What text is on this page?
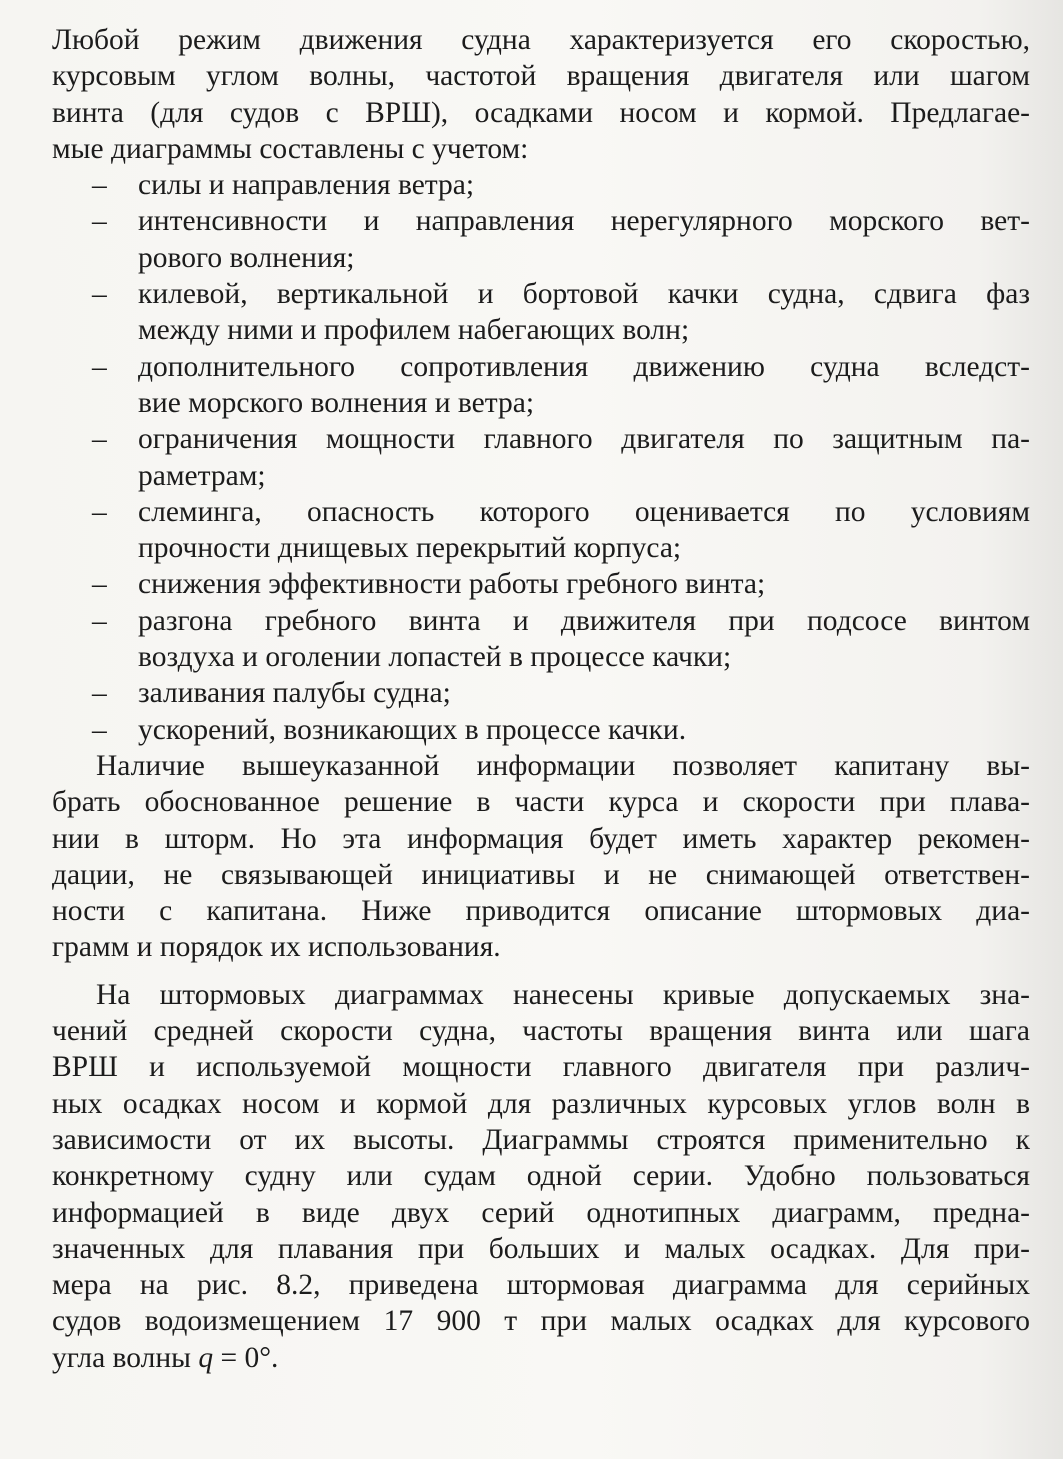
Любой режим движения судна характеризуется его скоростью,
курсовым углом волны, частотой вращения двигателя или шагом
винта (для судов с ВРШ), осадками носом и кормой. Предлагае-
мые диаграммы составлены с учетом:
– силы и направления ветра;
– интенсивности и направления нерегулярного морского вет-
рового волнения;
– килевой, вертикальной и бортовой качки судна, сдвига фаз
между ними и профилем набегающих волн;
– дополнительного сопротивления движению судна вследст-
вие морского волнения и ветра;
– ограничения мощности главного двигателя по защитным па-
раметрам;
– слеминга, опасность которого оценивается по условиям
прочности днищевых перекрытий корпуса;
– снижения эффективности работы гребного винта;
– разгона гребного винта и движителя при подсосе винтом
воздуха и оголении лопастей в процессе качки;
– заливания палубы судна;
– ускорений, возникающих в процессе качки.
Наличие вышеуказанной информации позволяет капитану вы-
брать обоснованное решение в части курса и скорости при плава-
нии в шторм. Но эта информация будет иметь характер рекомен-
дации, не связывающей инициативы и не снимающей ответствен-
ности с капитана. Ниже приводится описание штормовых диа-
грамм и порядок их использования.
На штормовых диаграммах нанесены кривые допускаемых зна-
чений средней скорости судна, частоты вращения винта или шага
ВРШ и используемой мощности главного двигателя при различ-
ных осадках носом и кормой для различных курсовых углов волн в
зависимости от их высоты. Диаграммы строятся применительно к
конкретному судну или судам одной серии. Удобно пользоваться
информацией в виде двух серий однотипных диаграмм, предна-
значенных для плавания при больших и малых осадках. Для при-
мера на рис. 8.2, приведена штормовая диаграмма для серийных
судов водоизмещением 17 900 т при малых осадках для курсового
угла волны q = 0°.
